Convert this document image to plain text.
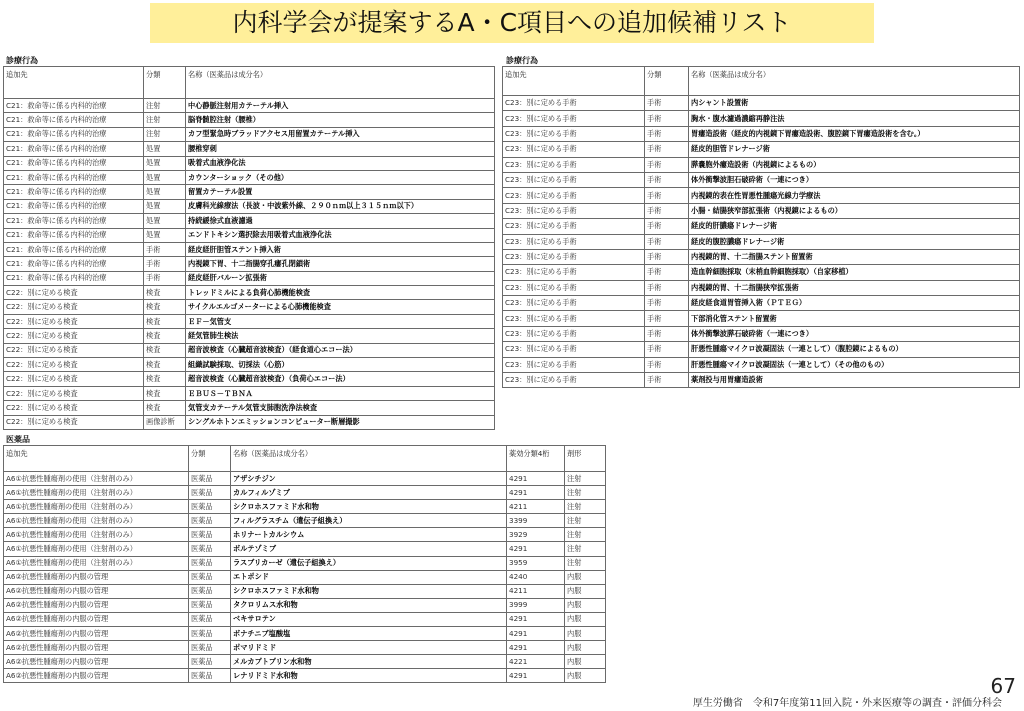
内科学会が提案するA・C項目への追加候補リスト
診療行為	診療行為
医薬品
追加先	分類	名称（医薬品は成分名）
C21：救命等に係る内科的治療	注射	中心静脈注射用カテーテル挿入
C21：救命等に係る内科的治療	注射	脳脊髄腔注射（腰椎）
C21：救命等に係る内科的治療	注射	カフ型緊急時ブラッドアクセス用留置カテーテル挿入
C21：救命等に係る内科的治療	処置	腰椎穿刺
C21：救命等に係る内科的治療	処置	吸着式血液浄化法
C21：救命等に係る内科的治療	処置	カウンターショック（その他）
C21：救命等に係る内科的治療	処置	留置カテーテル設置
C21：救命等に係る内科的治療	処置	皮膚科光線療法（長波・中波紫外線、２９０ｎｍ以上３１５ｎｍ以下）
C21：救命等に係る内科的治療	処置	持続緩徐式血液濾過
C21：救命等に係る内科的治療	処置	エンドトキシン選択除去用吸着式血液浄化法
C21：救命等に係る内科的治療	手術	経皮経肝胆管ステント挿入術
C21：救命等に係る内科的治療	手術	内視鏡下胃、十二指腸穿孔瘻孔閉鎖術
C21：救命等に係る内科的治療	手術	経皮経肝バルーン拡張術
C22：別に定める検査	検査	トレッドミルによる負荷心肺機能検査
C22：別に定める検査	検査	サイクルエルゴメーターによる心肺機能検査
C22：別に定める検査	検査	ＥＦ－気管支
C22：別に定める検査	検査	経気管肺生検法
C22：別に定める検査	検査	超音波検査（心臓超音波検査）（経食道心エコー法）
C22：別に定める検査	検査	組織試験採取、切採法（心筋）
C22：別に定める検査	検査	超音波検査（心臓超音波検査）（負荷心エコー法）
C22：別に定める検査	検査	ＥＢＵＳ－ＴＢＮＡ
C22：別に定める検査	検査	気管支カテーテル気管支肺胞洗浄法検査
C22：別に定める検査	画像診断	シングルホトンエミッションコンピューター断層撮影
追加先	分類	名称（医薬品は成分名）
C23：別に定める手術	手術	内シャント設置術
C23：別に定める手術	手術	胸水・腹水濾過濃縮再静注法
C23：別に定める手術	手術	胃瘻造設術（経皮的内視鏡下胃瘻造設術、腹腔鏡下胃瘻造設術を含む。）
C23：別に定める手術	手術	経皮的胆管ドレナージ術
C23：別に定める手術	手術	膵嚢胞外瘻造設術（内視鏡によるもの）
C23：別に定める手術	手術	体外衝撃波胆石破砕術（一連につき）
C23：別に定める手術	手術	内視鏡的表在性胃悪性腫瘍光線力学療法
C23：別に定める手術	手術	小腸・結腸狭窄部拡張術（内視鏡によるもの）
C23：別に定める手術	手術	経皮的肝膿瘍ドレナージ術
C23：別に定める手術	手術	経皮的腹腔膿瘍ドレナージ術
C23：別に定める手術	手術	内視鏡的胃、十二指腸ステント留置術
C23：別に定める手術	手術	造血幹細胞採取（末梢血幹細胞採取）（自家移植）
C23：別に定める手術	手術	内視鏡的胃、十二指腸狭窄拡張術
C23：別に定める手術	手術	経皮経食道胃管挿入術（ＰＴＥＧ）
C23：別に定める手術	手術	下部消化管ステント留置術
C23：別に定める手術	手術	体外衝撃波膵石破砕術（一連につき）
C23：別に定める手術	手術	肝悪性腫瘍マイクロ波凝固法（一連として）（腹腔鏡によるもの）
C23：別に定める手術	手術	肝悪性腫瘍マイクロ波凝固法（一連として）（その他のもの）
C23：別に定める手術	手術	薬剤投与用胃瘻造設術
追加先	分類	名称（医薬品は成分名）	薬効分類4桁	剤形
A6①抗悪性腫瘍剤の使用（注射剤のみ）	医薬品	アザシチジン	4291	注射
A6①抗悪性腫瘍剤の使用（注射剤のみ）	医薬品	カルフィルゾミブ	4291	注射
A6①抗悪性腫瘍剤の使用（注射剤のみ）	医薬品	シクロホスファミド水和物	4211	注射
A6①抗悪性腫瘍剤の使用（注射剤のみ）	医薬品	フィルグラスチム（遺伝子組換え）	3399	注射
A6①抗悪性腫瘍剤の使用（注射剤のみ）	医薬品	ホリナートカルシウム	3929	注射
A6①抗悪性腫瘍剤の使用（注射剤のみ）	医薬品	ボルテゾミブ	4291	注射
A6①抗悪性腫瘍剤の使用（注射剤のみ）	医薬品	ラスブリカーゼ（遺伝子組換え）	3959	注射
A6②抗悪性腫瘍剤の内服の管理	医薬品	エトポシド	4240	内服
A6②抗悪性腫瘍剤の内服の管理	医薬品	シクロホスファミド水和物	4211	内服
A6②抗悪性腫瘍剤の内服の管理	医薬品	タクロリムス水和物	3999	内服
A6②抗悪性腫瘍剤の内服の管理	医薬品	ベキサロテン	4291	内服
A6②抗悪性腫瘍剤の内服の管理	医薬品	ボナチニブ塩酸塩	4291	内服
A6②抗悪性腫瘍剤の内服の管理	医薬品	ポマリドミド	4291	内服
A6②抗悪性腫瘍剤の内服の管理	医薬品	メルカプトプリン水和物	4221	内服
A6②抗悪性腫瘍剤の内服の管理	医薬品	レナリドミド水和物	4291	内服	67
厚生労働省　令和7年度第11回入院・外来医療等の調査・評価分科会
